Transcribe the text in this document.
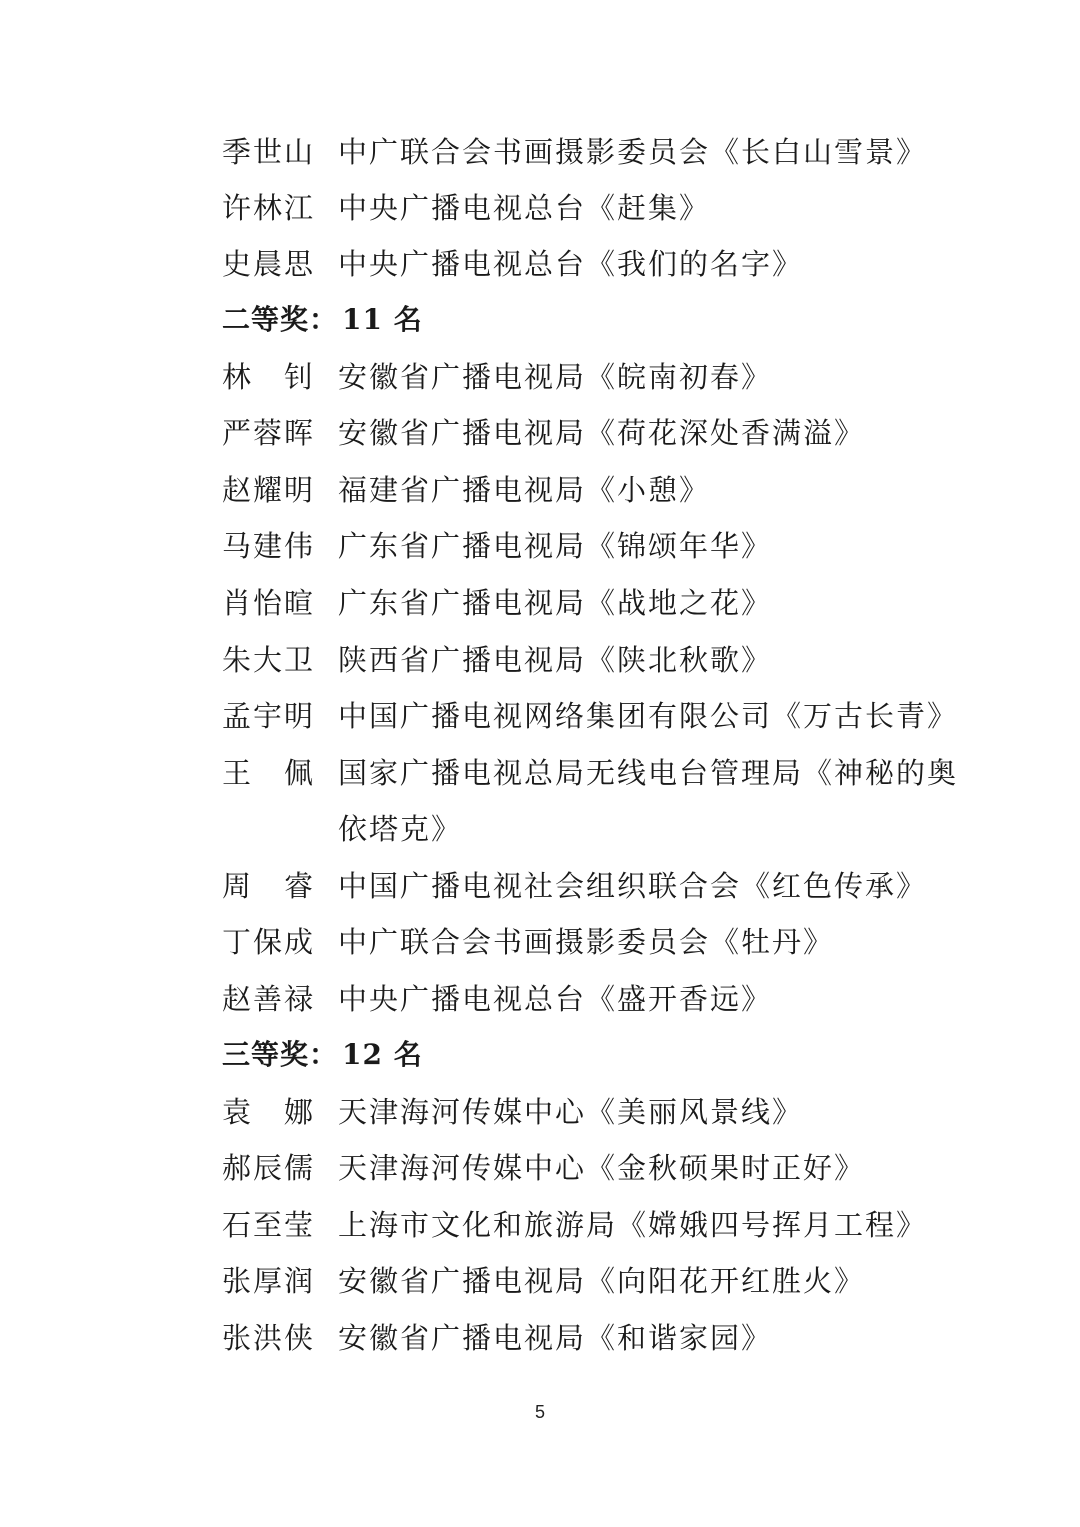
季世山 中广联合会书画摄影委员会《长白山雪景》
许林江 中央广播电视总台《赶集》
史晨思 中央广播电视总台《我们的名字》
二等奖： 11 名
林　钊 安徽省广播电视局《皖南初春》
严蓉晖 安徽省广播电视局《荷花深处香满溢》
赵耀明 福建省广播电视局《小憩》
马建伟 广东省广播电视局《锦颂年华》
肖怡暄 广东省广播电视局《战地之花》
朱大卫 陕西省广播电视局《陕北秋歌》
孟宇明 中国广播电视网络集团有限公司《万古长青》
王　佩 国家广播电视总局无线电台管理局《神秘的奥
依塔克》
周　睿 中国广播电视社会组织联合会《红色传承》
丁保成 中广联合会书画摄影委员会《牡丹》
赵善禄 中央广播电视总台《盛开香远》
三等奖： 12 名
袁　娜 天津海河传媒中心《美丽风景线》
郝辰儒 天津海河传媒中心《金秋硕果时正好》
石至莹 上海市文化和旅游局《嫦娥四号挥月工程》
张厚润 安徽省广播电视局《向阳花开红胜火》
张洪侠 安徽省广播电视局《和谐家园》
5
